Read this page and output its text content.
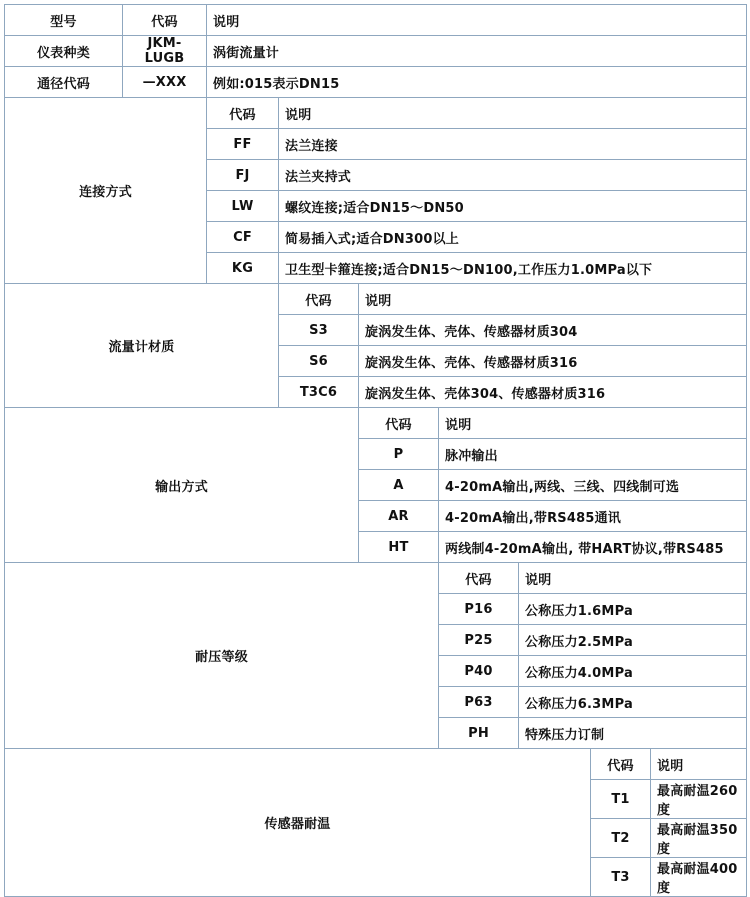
型号	代码	说明						
仪表种类	JKM-LUGB	涡街流量计						
通径代码	—XXX	例如:015表示DN15						
连接方式		代码	说明					
		FF	法兰连接					
		FJ	法兰夹持式					
		LW	螺纹连接;适合DN15～DN50					
		CF	简易插入式;适合DN300以上					
		KG	卫生型卡箍连接;适合DN15～DN100,工作压力1.0MPa以下					
流量计材质			代码	说明				
			S3	旋涡发生体、壳体、传感器材质304				
			S6	旋涡发生体、壳体、传感器材质316				
			T3C6	旋涡发生体、壳体304、传感器材质316				
输出方式				代码	说明			
				P	脉冲输出			
				A	4-20mA输出,两线、三线、四线制可选			
				AR	4-20mA输出,带RS485通讯			
				HT	两线制4-20mA输出, 带HART协议,带RS485			
耐压等级					代码	说明		
					P16	公称压力1.6MPa		
					P25	公称压力2.5MPa		
					P40	公称压力4.0MPa		
					P63	公称压力6.3MPa		
					PH	特殊压力订制		
传感器耐温							代码	说明
							T1	最高耐温260度
							T2	最高耐温350度
							T3	最高耐温400度
